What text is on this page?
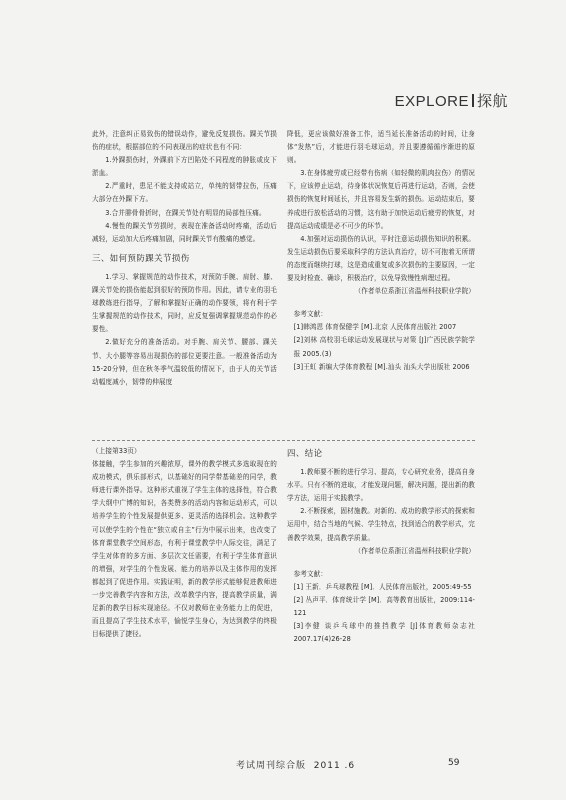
EXPLORE 探航

此外，注意纠正易致伤的错误动作，避免反复损伤。踝关节损伤的症状，根据部位的不同表现出的症状也有不同：

1.外踝损伤时，外踝前下方凹陷处不同程度的肿胀或皮下淤血。

2.严重时，患足不能支持或站立，单纯的韧带拉伤，压痛大部分在外踝下方。

3.合并腓骨骨折时，在踝关节处有明显的局部性压痛。

4.慢性的踝关节劳损时，表现在准备活动时疼痛，活动后减轻，运动加大后疼痛加剧，同时踝关节有酸痛的感觉。

三、如何预防踝关节损伤

1.学习、掌握规范的动作技术，对预防手腕、肩肘、膝、踝关节处的损伤能起到很好的预防作用。因此，请专业的羽毛球教练进行指导，了解和掌握好正确的动作要领，将有利于学生掌握规范的动作技术，同时，应反复强调掌握规范动作的必要性。

2.做好充分的准备活动。对手腕、肩关节、腰部、踝关节、大小腿等容易出现损伤的部位更要注意。一般准备活动为15-20分钟，但在秋冬季气温较低的情况下，由于人的关节活动幅度减小，韧带的伸展度

降低，更应该做好准备工作，适当延长准备活动的时间，让身体“发热”后，才能进行羽毛球运动，并且要遵循循序渐进的原则。

3.在身体疲劳或已经带有伤病（如轻微的肌肉拉伤）的情况下，应该停止运动，待身体状况恢复后再进行运动，否则，会使损伤的恢复时间延长，并且容易发生新的损伤。运动结束后，要养成进行放松活动的习惯，这有助于加快运动后疲劳的恢复，对提高运动成绩是必不可少的环节。

4.加强对运动损伤的认识，平时注意运动损伤知识的积累。发生运动损伤后要采取科学的方法认真治疗，切不可抱着无所谓的态度而继续打球，这是造成重复或多次损伤的主要原因，一定要及时检查、确诊，积极治疗，以免导致慢性病理过程。

（作者单位系浙江省温州科技职业学院）

参考文献：

[1]韩鸿恩 体育保健学 [M].北京 人民体育出版社 2007

[2]刘林 高校羽毛球运动发展现状与对策 [J]广西民族学院学报 2005.(3)

[3]王虹 新编大学体育教程 [M].汕头 汕头大学出版社 2006

（上接第33页）

体接触，学生参加的兴趣浓厚，课外的教学模式多选取现在的成功模式，俱乐部形式，以基础好的同学带基础差的同学，教师进行课外指导。这种形式重视了学生主体的选择性，符合教学大纲中广博的知识，各类赞多的活动内容和运动形式，可以培养学生的个性发展提供更多、更灵活的选择机会。这种教学可以使学生的个性在“独立或自主”行为中展示出来，也改变了体育课堂教学空间形态，有利于课堂教学中人际交往，满足了学生对体育的多方面、多层次文任需要，有利于学生体育意识的增强，对学生的个性发展、能力的培养以及主体作用的发挥都起到了促进作用。实践证明，新的教学形式能够促进教师进一步完善教学内容和方法，改革教学内容，提高教学质量，满足新的教学目标实现途径。不仅对教师在业务能力上的促进，而且提高了学生技术水平，愉悦学生身心，为达到教学的终极目标提供了捷径。

四、结论

1.教师要不断的进行学习、提高，专心研究业务，提高自身水平。只有不断的进取，才能发现问题，解决问题，提出新的教学方法，运用于实践教学。

2.不断探索，固材施教。对新的、成功的教学形式的探索和运用中，结合当地的气候、学生特点，找到适合的教学形式，完善教学效果，提高教学质量。

（作者单位系浙江省温州科技职业学院）

参考文献：

[1] 王新．乒乓球教程 [M]．人民体育出版社，2005:49-55

[2] 丛声平．体育统计学 [M]．高等教育出版社，2009:114-121

[3]李健 谈乒乓球中的推挡教学 [J]体育教师杂志社 2007.17(4)26-28

考试周刊综合版 2011 .6	59
